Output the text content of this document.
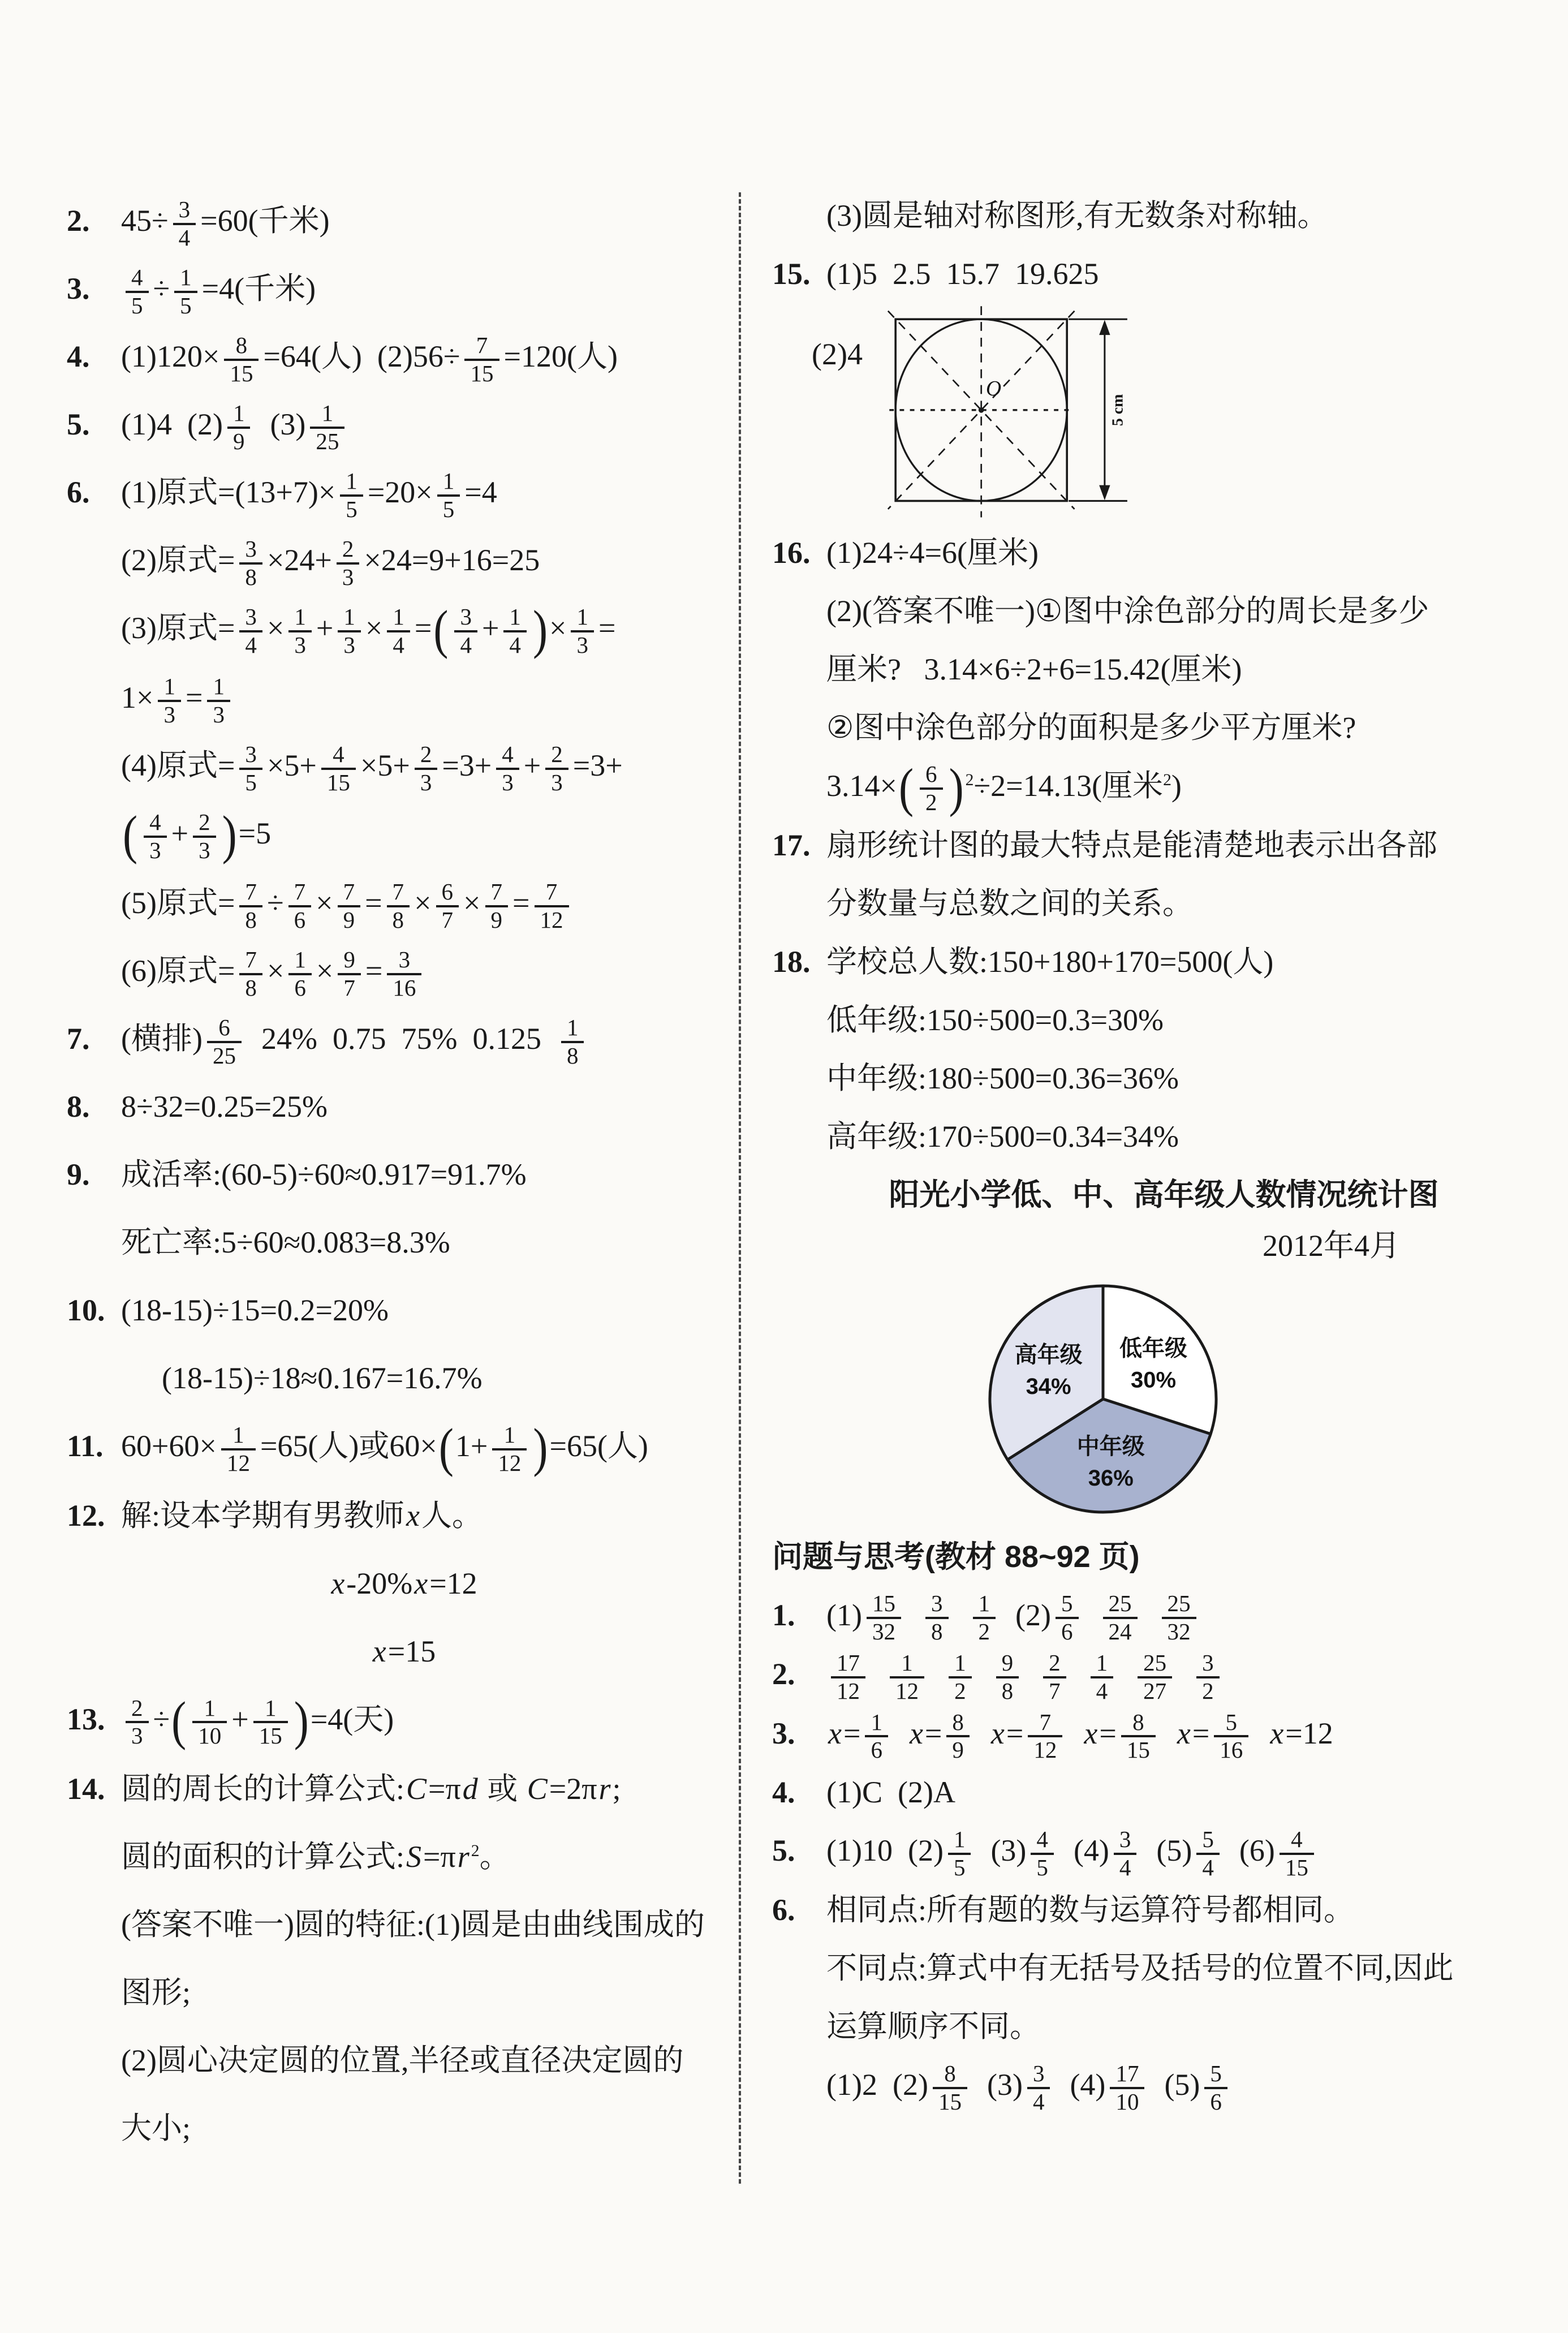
2. $45\div \frac{3}{4} =60$(千米)
3. $\frac{4}{5} \div \frac{1}{5} =4$(千米)
4. $(1)120\times \frac{8}{15} =64$(人)  $(2)56\div \frac{7}{15} =120$(人)
5. (1)4  $(2) \frac{1}{9} (3) \frac{1}{25}$
6. (1)原式$=(13+7)\times \frac{1}{5} =20\times \frac{1}{5} =4$
(2)原式= $\frac{3}{8} \times 24+ \frac{2}{3} \times 24=9+16=25$
(3)原式= $\frac{3}{4} \times \frac{1}{3} + \frac{1}{3} \times \frac{1}{4}$ =( $\frac{3}{4} + \frac{1}{4}$ )× $\frac{1}{3}$ =
$1\times \frac{1}{3} = \frac{1}{3}$
(4)原式= $\frac{3}{5} \times 5+ \frac{4}{15} \times 5+ \frac{2}{3} =3+ \frac{4}{3} + \frac{2}{3} =3+$
( $\frac{4}{3} + \frac{2}{3} )=5$
(5)原式= $\frac{7}{8} \div \frac{7}{6} \times \frac{7}{9} = \frac{7}{8} \times \frac{6}{7} \times \frac{7}{9} = \frac{7}{12}$
(6)原式= $\frac{7}{8} \times \frac{1}{6} \times \frac{9}{7} = \frac{3}{16}$
7. (横排) $\frac{6}{25} 24\%$  0.75  75%  $0.125 \frac{1}{8}$
8. 8÷32=0.25=25%
9. 成活率:(60-5)÷60≈0.917=91.7%
死亡率:5÷60≈0.083=8.3%
10. (18-15)÷15=0.2=20%
(18-15)÷18≈0.167=16.7%
11. $60+60\times \frac{1}{12} =65$(人)或$60\times(1+ \frac{1}{12} )=65$(人)
12. 解:设本学期有男教师x人。
x-20%x=12
x=15
13. $\frac{2}{3}$ ÷( $\frac{1}{10} + \frac{1}{15} )=4$(天)
14. 圆的周长的计算公式:C=πd 或 C=2πr;
圆的面积的计算公式:S=πr $^2$。
(答案不唯一)圆的特征:(1)圆是由曲线围成的
图形;
(2)圆心决定圆的位置,半径或直径决定圆的
大小;
(3)圆是轴对称图形,有无数条对称轴。
15. (1)5  2.5  15.7  19.625
(2)4
O
5 cm
16. (1)24÷4=6(厘米)
(2)(答案不唯一)①图中涂色部分的周长是多少
厘米?   3.14×6÷2+6=15.42(厘米)
②图中涂色部分的面积是多少平方厘米?
$3.14\times( \frac{6}{2}$ ) $^2$÷2=14.13(厘米$^2$)
17. 扇形统计图的最大特点是能清楚地表示出各部
分数量与总数之间的关系。
18. 学校总人数:150+180+170=500(人)
低年级:150÷500=0.3=30%
中年级:180÷500=0.36=36%
高年级:170÷500=0.34=34%
阳光小学低、中、高年级人数情况统计图
2012年4月
低年级 30%
中年级 36%
高年级 34%
问题与思考(教材 88~92 页)
1. $(1) \frac{15}{32}$
$\frac{3}{8}$
$\frac{1}{2} (2) \frac{5}{6}$
$\frac{25}{24}$
$\frac{25}{32}$
2. $\frac{17}{12}$
$\frac{1}{12}$
$\frac{1}{2}$
$\frac{9}{8}$
$\frac{2}{7}$
$\frac{1}{4}$
$\frac{25}{27}$
$\frac{3}{2}$
3. $x= \frac{1}{6} x= \frac{8}{9} x= \frac{7}{12} x= \frac{8}{15} x= \frac{5}{16} x=12$
4. (1)C  (2)A
5. (1)10  $(2) \frac{1}{5} (3) \frac{4}{5} (4) \frac{3}{4} (5) \frac{5}{4} (6) \frac{4}{15}$
6. 相同点:所有题的数与运算符号都相同。
不同点:算式中有无括号及括号的位置不同,因此
运算顺序不同。
(1)2  $(2) \frac{8}{15} (3) \frac{3}{4} (4) \frac{17}{10} (5) \frac{5}{6}$
